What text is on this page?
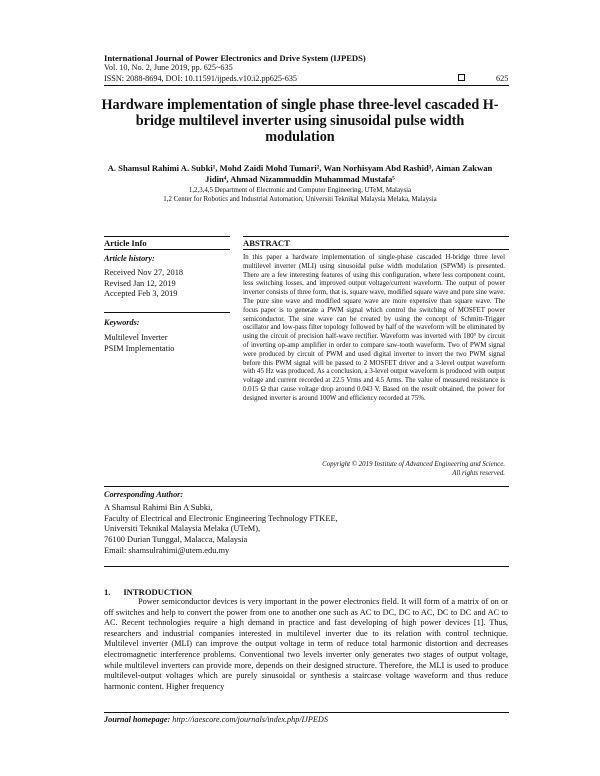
International Journal of Power Electronics and Drive System (IJPEDS)
Vol. 10, No. 2, June 2019, pp. 625~635
ISSN: 2088-8694, DOI: 10.11591/ijpeds.v10.i2.pp625-635	625
Hardware implementation of single phase three-level cascaded H-bridge multilevel inverter using sinusoidal pulse width modulation
A. Shamsul Rahimi A. Subki¹, Mohd Zaidi Mohd Tumari², Wan Norhisyam Abd Rashid³, Aiman Zakwan Jidin⁴, Ahmad Nizammuddin Muhammad Mustafa⁵
1,2,3,4,5 Department of Electronic and Computer Engineering, UTeM, Malaysia
1,2 Center for Robotics and Industrial Automation, Universiti Teknikal Malaysia Melaka, Malaysia
Article Info
Article history:
Received Nov 27, 2018
Revised Jan 12, 2019
Accepted Feb 3, 2019
Keywords:
Multilevel Inverter
PSIM Implementatio
ABSTRACT
In this paper a hardware implementation of single-phase cascaded H-bridge three level multilevel inverter (MLI) using sinusoidal pulse width modulation (SPWM) is presented. There are a few interesting features of using this configuration, where less component count, less switching losses, and improved output voltage/current waveform. The output of power inverter consists of three form, that is, square wave, modified square wave and pure sine wave. The pure sine wave and modified square wave are more expensive than square wave. The focus paper is to generate a PWM signal which control the switching of MOSFET power semiconductor. The sine wave can be created by using the concept of Schmitt-Trigger oscillator and low-pass filter topology followed by half of the waveform will be eliminated by using the circuit of precision half-wave rectifier. Waveform was inverted with 180° by circuit of inverting op-amp amplifier in order to compare saw-tooth waveform. Two of PWM signal were produced by circuit of PWM and used digital inverter to invert the two PWM signal before this PWM signal will be passed to 2 MOSFET driver and a 3-level output waveform with 45 Hz was produced. As a conclusion, a 3-level output waveform is produced with output voltage and current recorded at 22.5 Vrms and 4.5 Arms. The value of measured resistance is 0.015 Ω that cause voltage drop around 0.043 V. Based on the result obtained, the power for designed inverter is around 100W and efficiency recorded at 75%.
Copyright © 2019 Institute of Advanced Engineering and Science.
All rights reserved.
Corresponding Author:
A Shamsul Rahimi Bin A Subki,
Faculty of Electrical and Electronic Engineering Technology FTKEE,
Universiti Teknikal Malaysia Melaka (UTeM),
76100 Durian Tunggal, Malacca, Malaysia
Email: shamsulrahimi@utem.edu.my
1.      INTRODUCTION
Power semiconductor devices is very important in the power electronics field. It will form of a matrix of on or off switches and help to convert the power from one to another one such as AC to DC, DC to AC, DC to DC and AC to AC. Recent technologies require a high demand in practice and fast developing of high power devices [1]. Thus, researchers and industrial companies interested in multilevel inverter due to its relation with control technique. Multilevel inverter (MLI) can improve the output voltage in term of reduce total harmonic distortion and decreases electromagnetic interference problems. Conventional two levels inverter only generates two stages of output voltage, while multilevel inverters can provide more, depends on their designed structure. Therefore, the MLI is used to produce multilevel-output voltages which are purely sinusoidal or synthesis a staircase voltage waveform and thus reduce harmonic content. Higher frequency
Journal homepage: http://iaescore.com/journals/index.php/IJPEDS
